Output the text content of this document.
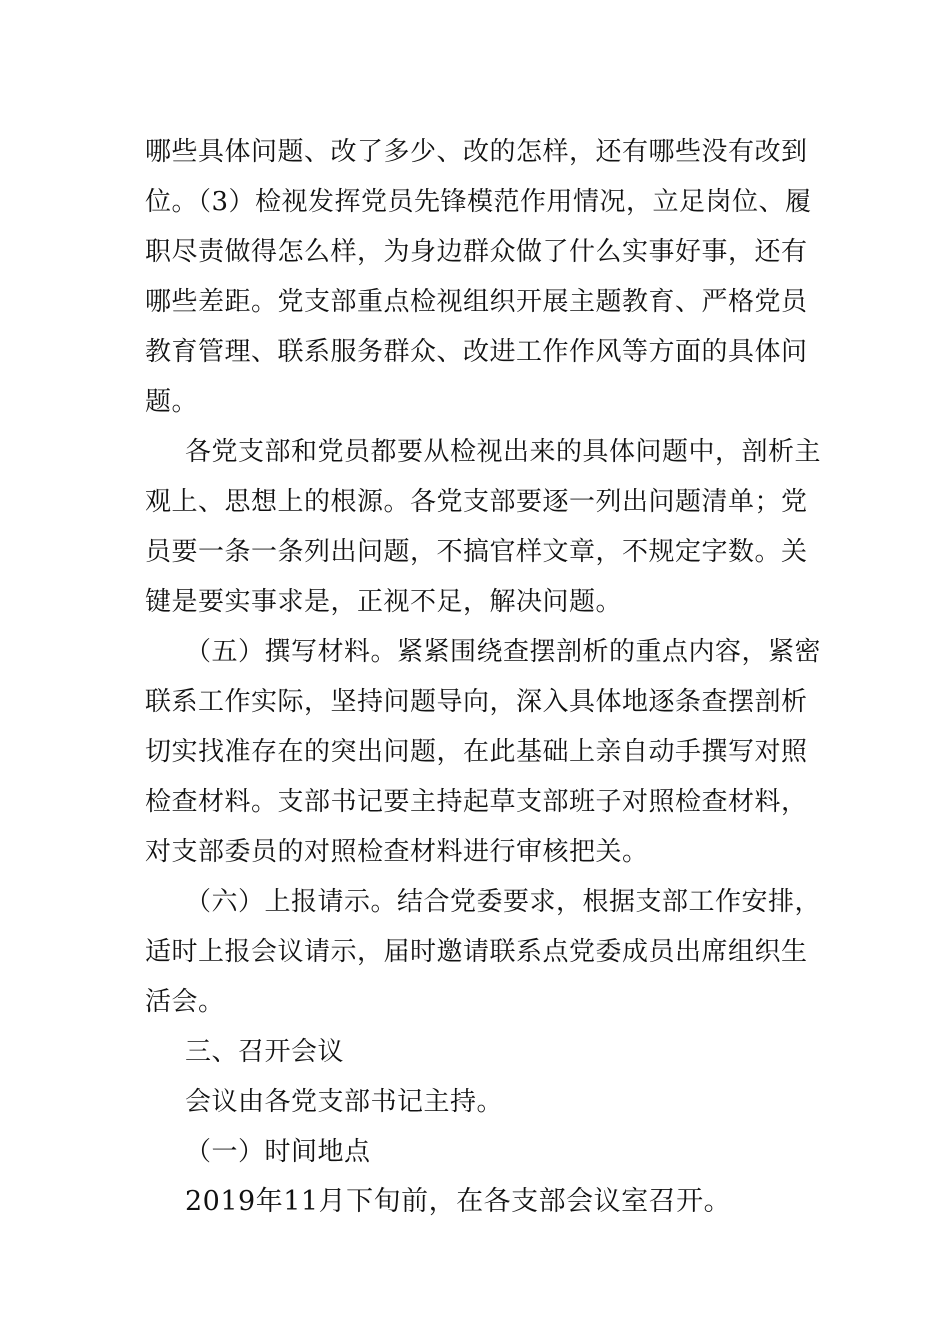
哪些具体问题、改了多少、改的怎样，还有哪些没有改到

位。（3）检视发挥党员先锋模范作用情况，立足岗位、履

职尽责做得怎么样，为身边群众做了什么实事好事，还有

哪些差距。党支部重点检视组织开展主题教育、严格党员

教育管理、联系服务群众、改进工作作风等方面的具体问

题。

各党支部和党员都要从检视出来的具体问题中，剖析主

观上、思想上的根源。各党支部要逐一列出问题清单；党

员要一条一条列出问题，不搞官样文章，不规定字数。关

键是要实事求是，正视不足，解决问题。

（五）撰写材料。紧紧围绕查摆剖析的重点内容，紧密

联系工作实际，坚持问题导向，深入具体地逐条查摆剖析

切实找准存在的突出问题，在此基础上亲自动手撰写对照

检查材料。支部书记要主持起草支部班子对照检查材料，

对支部委员的对照检查材料进行审核把关。

（六）上报请示。结合党委要求，根据支部工作安排，

适时上报会议请示，届时邀请联系点党委成员出席组织生

活会。

三、召开会议

会议由各党支部书记主持。

（一）时间地点

2019年11月下旬前，在各支部会议室召开。
